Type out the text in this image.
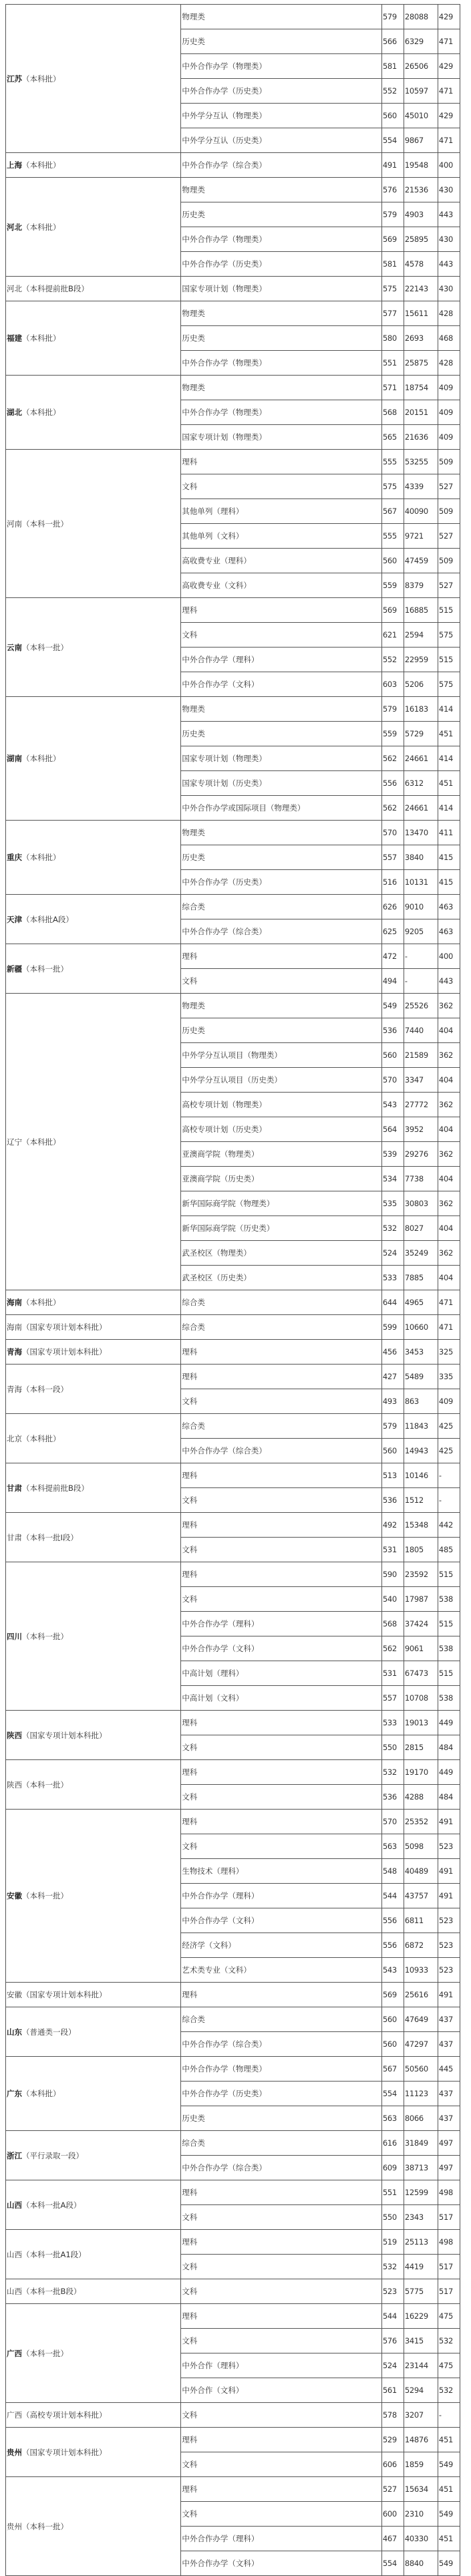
江苏（本科批）	物理类	579	28088	429
	历史类	566	6329	471
	中外合作办学（物理类）	581	26506	429
	中外合作办学（历史类）	552	10597	471
	中外学分互认（物理类）	560	45010	429
	中外学分互认（历史类）	554	9867	471
上海（本科批）	中外合作办学（综合类）	491	19548	400
河北（本科批）	物理类	576	21536	430
	历史类	579	4903	443
	中外合作办学（物理类）	569	25895	430
	中外合作办学（历史类）	581	4578	443
河北（本科提前批B段）	国家专项计划（物理类）	575	22143	430
福建（本科批）	物理类	577	15611	428
	历史类	580	2693	468
	中外合作办学（物理类）	551	25875	428
湖北（本科批）	物理类	571	18754	409
	中外合作办学（物理类）	568	20151	409
	国家专项计划（物理类）	565	21636	409
河南（本科一批）	理科	555	53255	509
	文科	575	4339	527
	其他单列（理科）	567	40090	509
	其他单列（文科）	555	9721	527
	高收费专业（理科）	560	47459	509
	高收费专业（文科）	559	8379	527
云南（本科一批）	理科	569	16885	515
	文科	621	2594	575
	中外合作办学（理科）	552	22959	515
	中外合作办学（文科）	603	5206	575
湖南（本科批）	物理类	579	16183	414
	历史类	559	5729	451
	国家专项计划（物理类）	562	24661	414
	国家专项计划（历史类）	556	6312	451
	中外合作办学或国际项目（物理类）	562	24661	414
重庆（本科批）	物理类	570	13470	411
	历史类	557	3840	415
	中外合作办学（历史类）	516	10131	415
天津（本科批A段）	综合类	626	9010	463
	中外合作办学（综合类）	625	9205	463
新疆（本科一批）	理科	472	-	400
	文科	494	-	443
辽宁（本科批）	物理类	549	25526	362
	历史类	536	7440	404
	中外学分互认项目（物理类）	560	21589	362
	中外学分互认项目（历史类）	570	3347	404
	高校专项计划（物理类）	543	27772	362
	高校专项计划（历史类）	564	3952	404
	亚澳商学院（物理类）	539	29276	362
	亚澳商学院（历史类）	534	7738	404
	新华国际商学院（物理类）	535	30803	362
	新华国际商学院（历史类）	532	8027	404
	武圣校区（物理类）	524	35249	362
	武圣校区（历史类）	533	7885	404
海南（本科批）	综合类	644	4965	471
海南（国家专项计划本科批）	综合类	599	10660	471
青海（国家专项计划本科批）	理科	456	3453	325
青海（本科一段）	理科	427	5489	335
	文科	493	863	409
北京（本科批）	综合类	579	11843	425
	中外合作办学（综合类）	560	14943	425
甘肃（本科提前批B段）	理科	513	10146	-
	文科	536	1512	-
甘肃（本科一批I段）	理科	492	15348	442
	文科	531	1805	485
四川（本科一批）	理科	590	23592	515
	文科	540	17987	538
	中外合作办学（理科）	568	37424	515
	中外合作办学（文科）	562	9061	538
	中高计划（理科）	531	67473	515
	中高计划（文科）	557	10708	538
陕西（国家专项计划本科批）	理科	533	19013	449
	文科	550	2815	484
陕西（本科一批）	理科	532	19170	449
	文科	536	4288	484
安徽（本科一批）	理科	570	25352	491
	文科	563	5098	523
	生物技术（理科）	548	40489	491
	中外合作办学（理科）	544	43757	491
	中外合作办学（文科）	556	6811	523
	经济学（文科）	556	6872	523
	艺术类专业（文科）	543	10933	523
安徽（国家专项计划本科批）	理科	569	25616	491
山东（普通类一段）	综合类	560	47649	437
	中外合作办学（综合类）	560	47297	437
广东（本科批）	中外合作办学（物理类）	567	50560	445
	中外合作办学（历史类）	554	11123	437
	历史类	563	8066	437
浙江（平行录取一段）	综合类	616	31849	497
	中外合作办学（综合类）	609	38713	497
山西（本科一批A段）	理科	551	12599	498
	文科	550	2343	517
山西（本科一批A1段）	理科	519	25113	498
	文科	532	4419	517
山西（本科一批B段）	文科	523	5775	517
广西（本科一批）	理科	544	16229	475
	文科	576	3415	532
	中外合作（理科）	524	23144	475
	中外合作（文科）	561	5294	532
广西（高校专项计划本科批）	文科	578	3207	-
贵州（国家专项计划本科批）	理科	529	14876	451
	文科	606	1859	549
贵州（本科一批）	理科	527	15634	451
	文科	600	2310	549
	中外合作办学（理科）	467	40330	451
	中外合作办学（文科）	554	8840	549
